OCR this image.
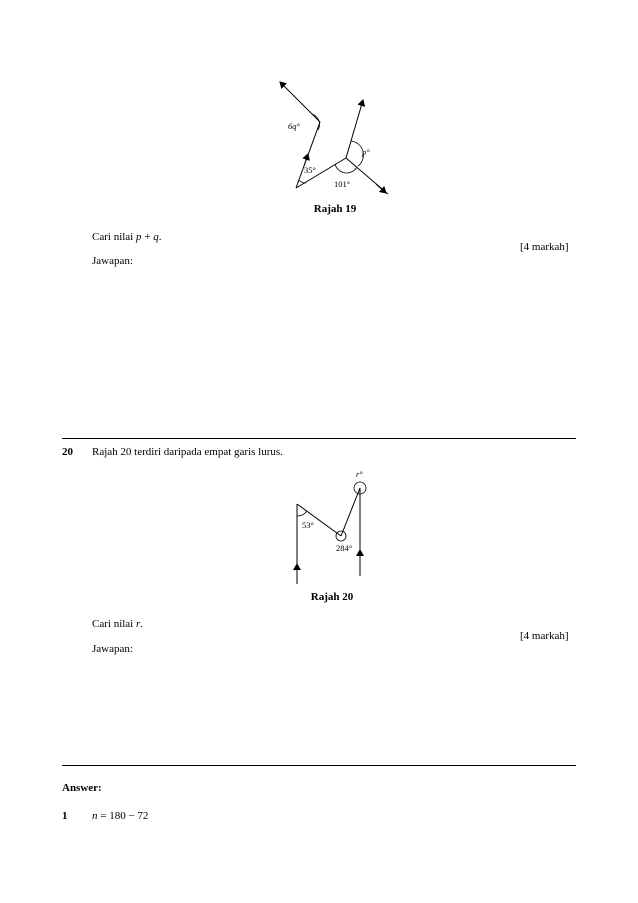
6q°
35°
p°
101°
Rajah 19
Cari nilai p + q.
[4 markah]
Jawapan:
20 Rajah 20 terdiri daripada empat garis lurus.
r°
53°
284°
Rajah 20
Cari nilai r.
[4 markah]
Jawapan:
Answer:
1 n = 180 − 72
